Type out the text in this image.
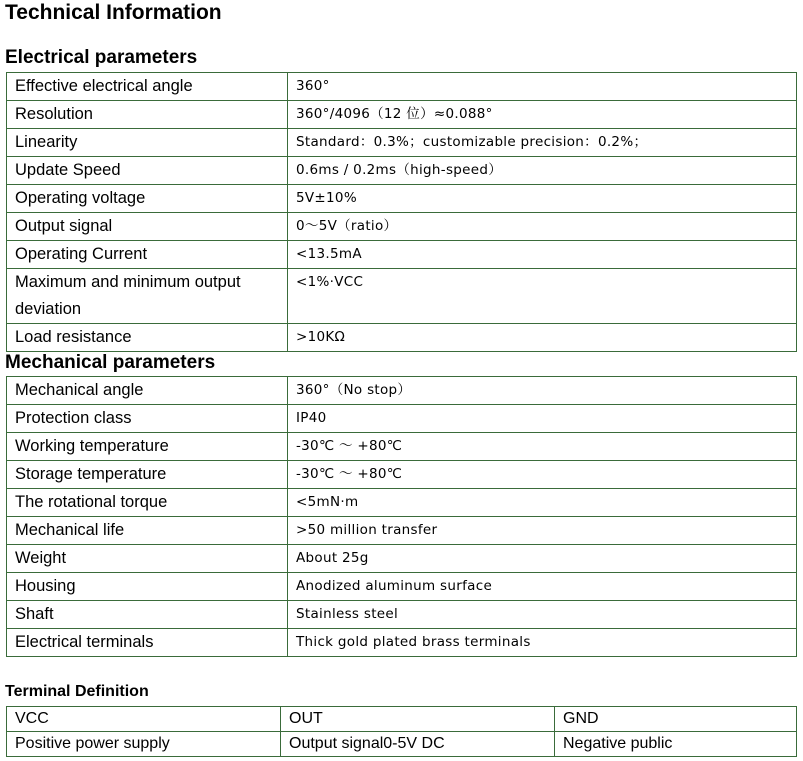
Technical Information
Electrical parameters
Effective electrical angle	360°
Resolution	360°/4096（12 位）≈0.088°
Linearity	Standard：0.3%；customizable precision：0.2%；
Update Speed	0.6ms / 0.2ms（high-speed）
Operating voltage	5V±10%
Output signal	0～5V（ratio）
Operating Current	<13.5mA
Maximum and minimum output deviation	<1%·VCC
Load resistance	>10KΩ
Mechanical parameters
Mechanical angle	360°（No stop）
Protection class	IP40
Working temperature	-30℃ ～ +80℃
Storage temperature	-30℃ ～ +80℃
The rotational torque	<5mN·m
Mechanical life	>50 million transfer
Weight	About 25g
Housing	Anodized aluminum surface
Shaft	Stainless steel
Electrical terminals	Thick gold plated brass terminals
Terminal Definition
VCC	OUT	GND
Positive power supply	Output signal0-5V DC	Negative public
